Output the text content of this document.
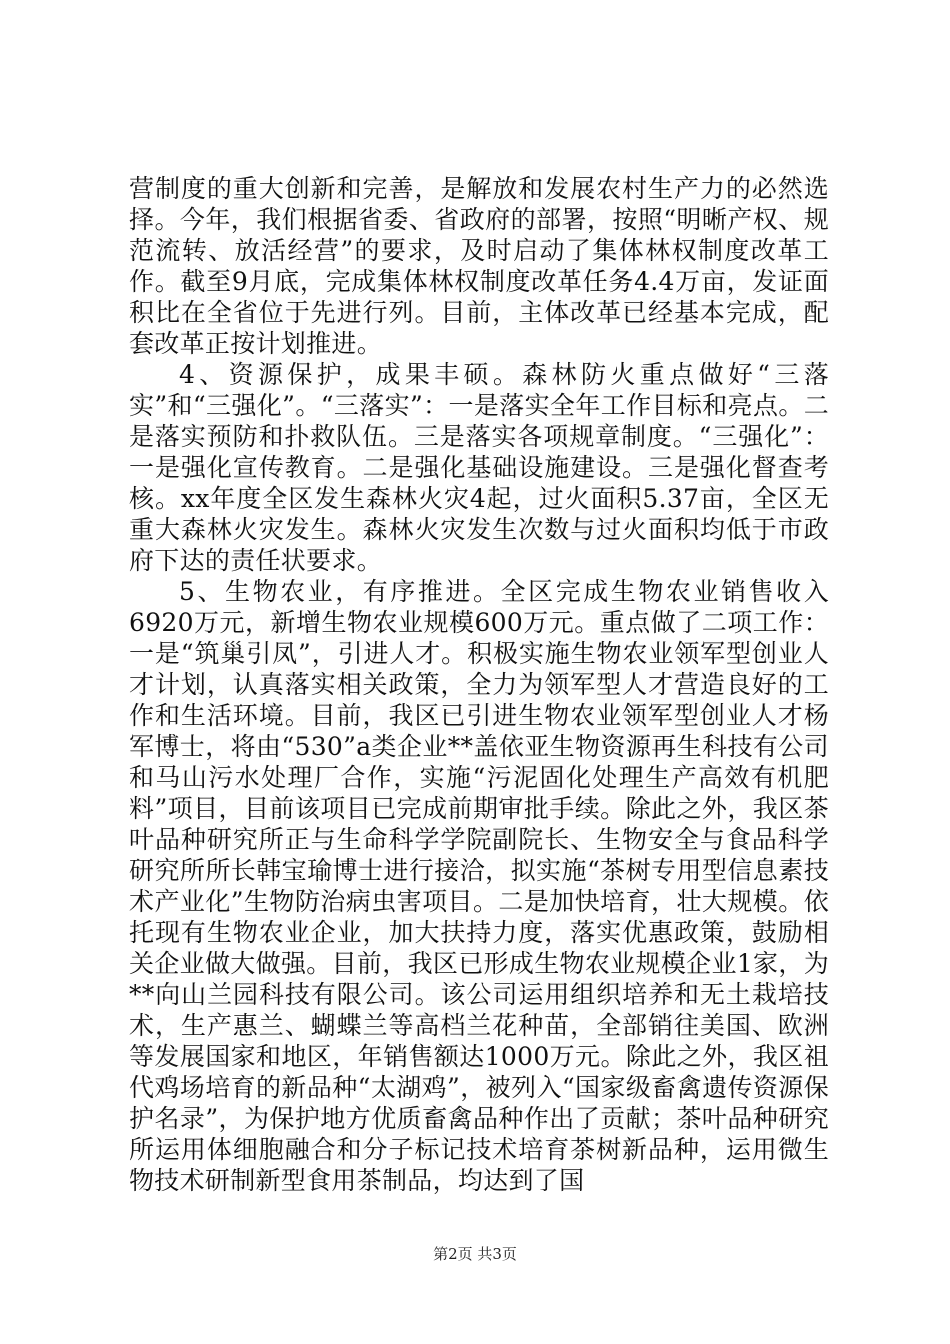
营制度的重大创新和完善，是解放和发展农村生产力的必然选择。今年，我们根据省委、省政府的部署，按照“明晰产权、规范流转、放活经营”的要求，及时启动了集体林权制度改革工作。截至9月底，完成集体林权制度改革任务4.4万亩，发证面积比在全省位于先进行列。目前，主体改革已经基本完成，配套改革正按计划推进。

4、资源保护，成果丰硕。森林防火重点做好“三落实”和“三强化”。“三落实”：一是落实全年工作目标和亮点。二是落实预防和扑救队伍。三是落实各项规章制度。“三强化”：一是强化宣传教育。二是强化基础设施建设。三是强化督查考核。xx年度全区发生森林火灾4起，过火面积5.37亩，全区无重大森林火灾发生。森林火灾发生次数与过火面积均低于市政府下达的责任状要求。

5、生物农业，有序推进。全区完成生物农业销售收入6920万元，新增生物农业规模600万元。重点做了二项工作：一是“筑巢引凤”，引进人才。积极实施生物农业领军型创业人才计划，认真落实相关政策，全力为领军型人才营造良好的工作和生活环境。目前，我区已引进生物农业领军型创业人才杨军博士，将由“530”a类企业**盖依亚生物资源再生科技有公司和马山污水处理厂合作，实施“污泥固化处理生产高效有机肥料”项目，目前该项目已完成前期审批手续。除此之外，我区茶叶品种研究所正与生命科学学院副院长、生物安全与食品科学研究所所长韩宝瑜博士进行接洽，拟实施“茶树专用型信息素技术产业化”生物防治病虫害项目。二是加快培育，壮大规模。依托现有生物农业企业，加大扶持力度，落实优惠政策，鼓励相关企业做大做强。目前，我区已形成生物农业规模企业1家，为**向山兰园科技有限公司。该公司运用组织培养和无土栽培技术，生产惠兰、蝴蝶兰等高档兰花种苗，全部销往美国、欧洲等发展国家和地区，年销售额达1000万元。除此之外，我区祖代鸡场培育的新品种“太湖鸡”，被列入“国家级畜禽遗传资源保护名录”，为保护地方优质畜禽品种作出了贡献；茶叶品种研究所运用体细胞融合和分子标记技术培育茶树新品种，运用微生物技术研制新型食用茶制品，均达到了国

第2页 共3页
